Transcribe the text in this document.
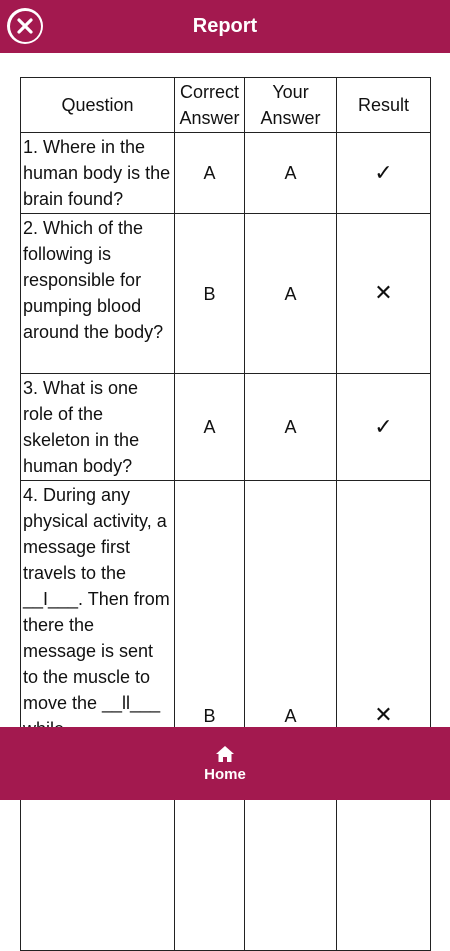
Report
Question	Correct Answer	Your Answer	Result
1. Where in the human body is the brain found?	A	A	✓
2. Which of the following is responsible for pumping blood around the body?	B	A	✕
3. What is one role of the skeleton in the human body?	A	A	✓
4. During any physical activity, a message first travels to the __I___. Then from there the message is sent to the muscle to move the __ll___	B	A	✕
Home
